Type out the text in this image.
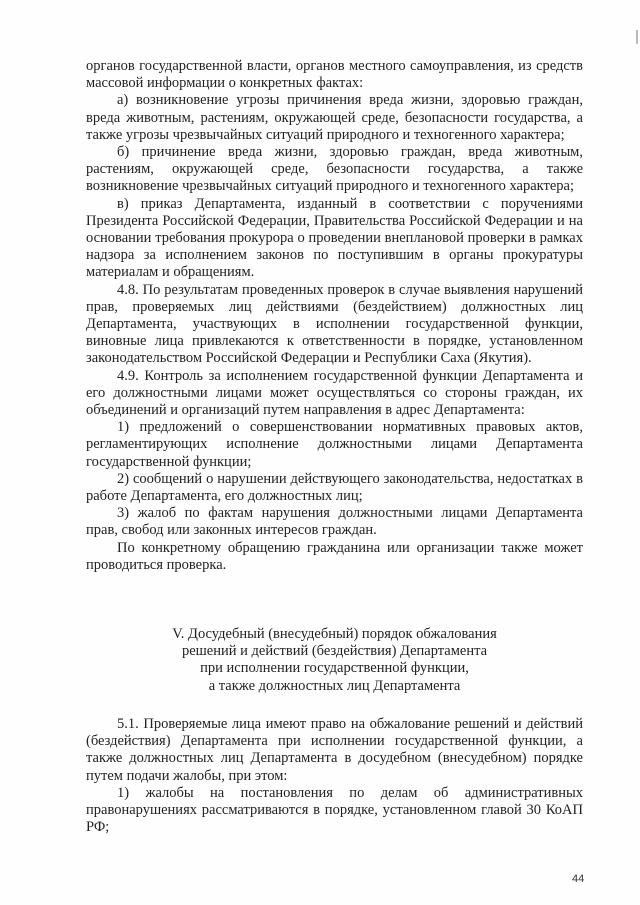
органов государственной власти, органов местного самоуправления, из средств массовой информации о конкретных фактах:

а) возникновение угрозы причинения вреда жизни, здоровью граждан, вреда животным, растениям, окружающей среде, безопасности государства, а также угрозы чрезвычайных ситуаций природного и техногенного характера;

б) причинение вреда жизни, здоровью граждан, вреда животным, растениям, окружающей среде, безопасности государства, а также возникновение чрезвычайных ситуаций природного и техногенного характера;

в) приказ Департамента, изданный в соответствии с поручениями Президента Российской Федерации, Правительства Российской Федерации и на основании требования прокурора о проведении внеплановой проверки в рамках надзора за исполнением законов по поступившим в органы прокуратуры материалам и обращениям.

4.8. По результатам проведенных проверок в случае выявления нарушений прав, проверяемых лиц действиями (бездействием) должностных лиц Департамента, участвующих в исполнении государственной функции, виновные лица привлекаются к ответственности в порядке, установленном законодательством Российской Федерации и Республики Саха (Якутия).

4.9. Контроль за исполнением государственной функции Департамента и его должностными лицами может осуществляться со стороны граждан, их объединений и организаций путем направления в адрес Департамента:

1) предложений о совершенствовании нормативных правовых актов, регламентирующих исполнение должностными лицами Департамента государственной функции;

2) сообщений о нарушении действующего законодательства, недостатках в работе Департамента, его должностных лиц;

3) жалоб по фактам нарушения должностными лицами Департамента прав, свобод или законных интересов граждан.

По конкретному обращению гражданина или организации также может проводиться проверка.

V. Досудебный (внесудебный) порядок обжалования

решений и действий (бездействия) Департамента

при исполнении государственной функции,

а также должностных лиц Департамента

5.1. Проверяемые лица имеют право на обжалование решений и действий (бездействия) Департамента при исполнении государственной функции, а также должностных лиц Департамента в досудебном (внесудебном) порядке путем подачи жалобы, при этом:

1) жалобы на постановления по делам об административных правонарушениях рассматриваются в порядке, установленном главой 30 КоАП РФ;

44
